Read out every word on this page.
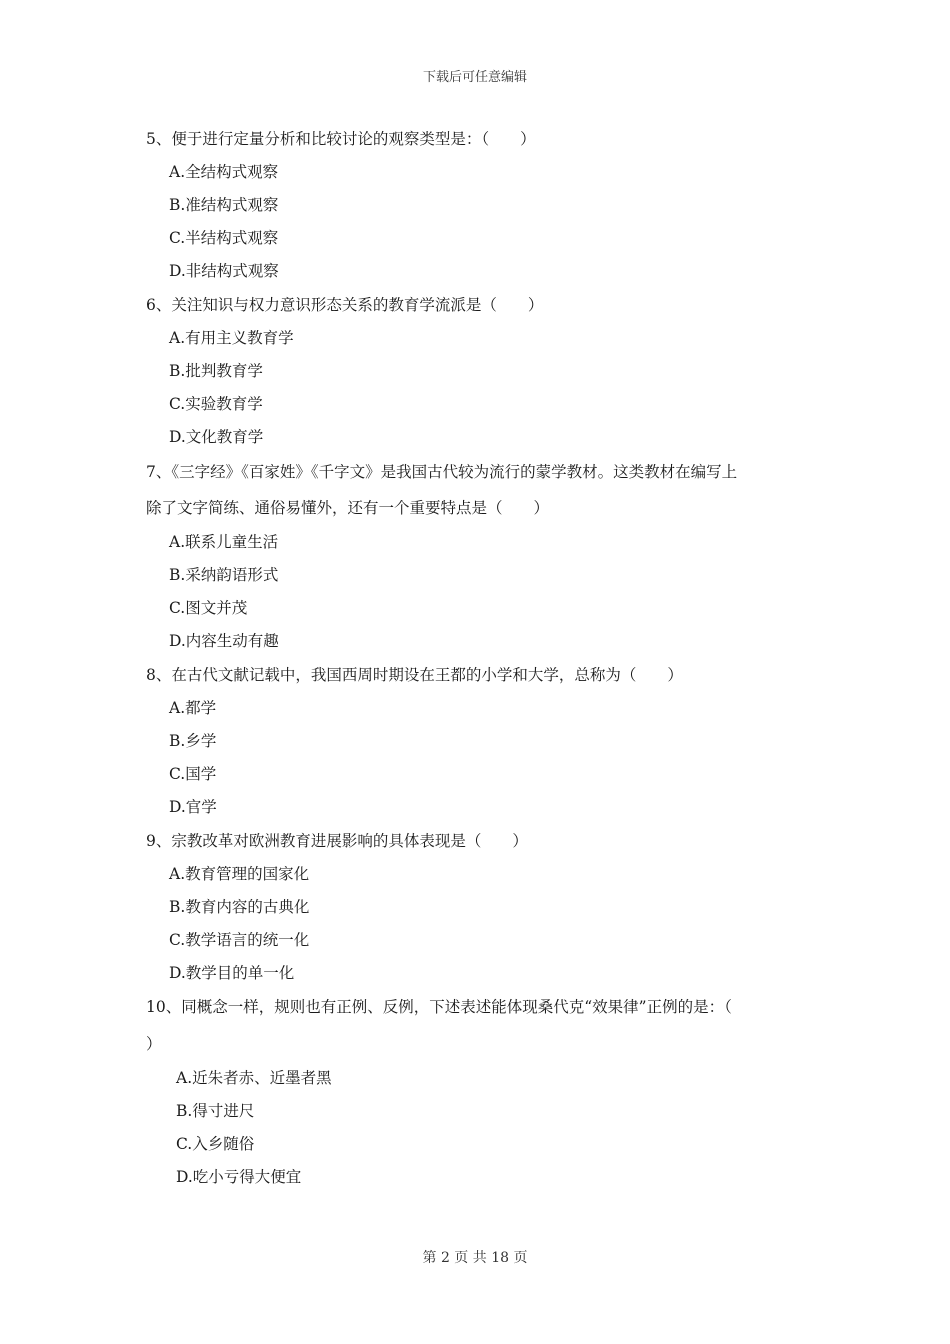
下载后可任意编辑
5、便于进行定量分析和比较讨论的观察类型是：（　　）
A.全结构式观察
B.准结构式观察
C.半结构式观察
D.非结构式观察
6、关注知识与权力意识形态关系的教育学流派是（　　）
A.有用主义教育学
B.批判教育学
C.实验教育学
D.文化教育学
7、《三字经》《百家姓》《千字文》是我国古代较为流行的蒙学教材。这类教材在编写上
除了文字简练、通俗易懂外，还有一个重要特点是（　　）
A.联系儿童生活
B.采纳韵语形式
C.图文并茂
D.内容生动有趣
8、在古代文献记载中，我国西周时期设在王都的小学和大学，总称为（　　）
A.都学
B.乡学
C.国学
D.官学
9、宗教改革对欧洲教育进展影响的具体表现是（　　）
A.教育管理的国家化
B.教育内容的古典化
C.教学语言的统一化
D.教学目的单一化
10、同概念一样，规则也有正例、反例，下述表述能体现桑代克“效果律”正例的是：（
）
A.近朱者赤、近墨者黑
B.得寸进尺
C.入乡随俗
D.吃小亏得大便宜
第 2 页 共 18 页
